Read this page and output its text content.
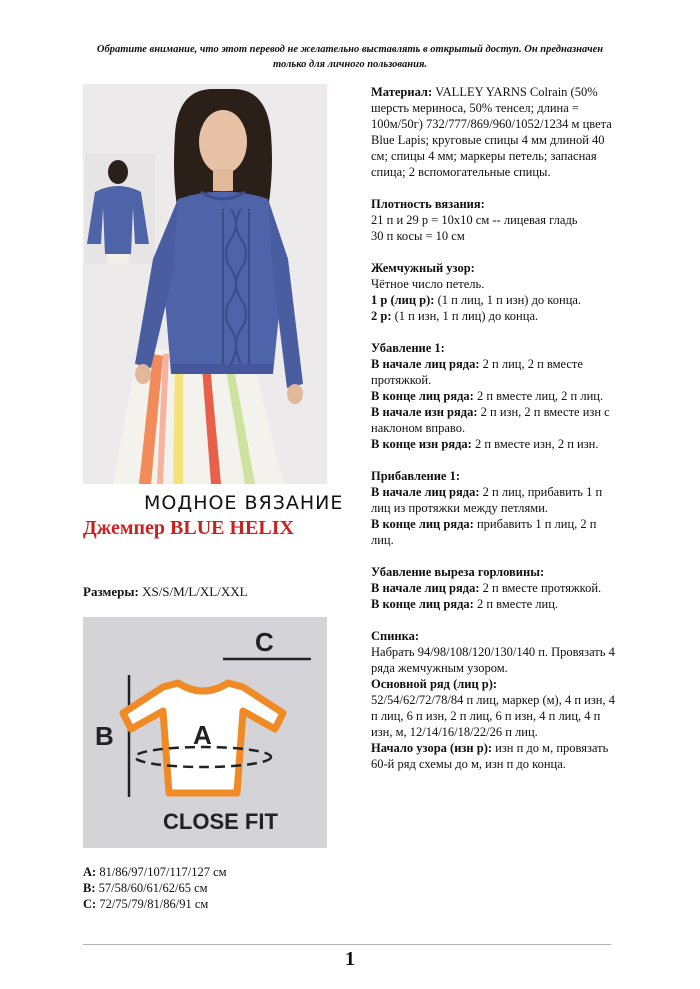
Обратите внимание, что этот перевод не желательно выставлять в открытый доступ. Он предназначен только для личного пользования.
МОДНОЕ ВЯЗАНИЕ
Джемпер BLUE HELIX
Размеры: XS/S/M/L/XL/XXL
C
B	A
CLOSE FIT
A: 81/86/97/107/117/127 см
B: 57/58/60/61/62/65 см
C: 72/75/79/81/86/91 см

Материал: VALLEY YARNS Colrain (50% шерсть мериноса, 50% тенсел; длина = 100м/50г) 732/777/869/960/1052/1234 м цвета Blue Lapis; круговые спицы 4 мм длиной 40 см; спицы 4 мм; маркеры петель; запасная спица; 2 вспомогательные спицы.

Плотность вязания:

21 п и 29 р = 10х10 см -- лицевая гладь

30 п косы = 10 см

Жемчужный узор:

Чётное число петель.

1 р (лиц р): (1 п лиц, 1 п изн) до конца.

2 р: (1 п изн, 1 п лиц) до конца.

Убавление 1:

В начале лиц ряда: 2 п лиц, 2 п вместе протяжкой.

В конце лиц ряда: 2 п вместе лиц, 2 п лиц.

В начале изн ряда: 2 п изн, 2 п вместе изн с наклоном вправо.

В конце изн ряда: 2 п вместе изн, 2 п изн.

Прибавление 1:

В начале лиц ряда: 2 п лиц, прибавить 1 п лиц из протяжки между петлями.

В конце лиц ряда: прибавить 1 п лиц, 2 п лиц.

Убавление выреза горловины:

В начале лиц ряда: 2 п вместе протяжкой.

В конце лиц ряда: 2 п вместе лиц.

Спинка:

Набрать 94/98/108/120/130/140 п. Провязать 4 ряда жемчужным узором.

Основной ряд (лиц р):

52/54/62/72/78/84 п лиц, маркер (м), 4 п изн, 4 п лиц, 6 п изн, 2 п лиц, 6 п изн, 4 п лиц, 4 п изн, м, 12/14/16/18/22/26 п лиц.

Начало узора (изн р): изн п до м, провязать 60-й ряд схемы до м, изн п до конца.

1
